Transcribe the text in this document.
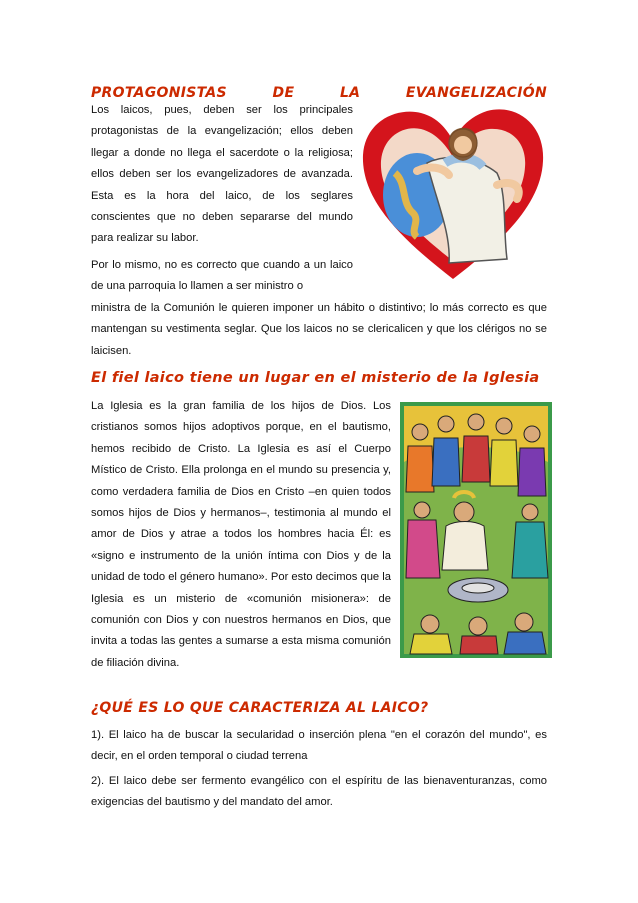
PROTAGONISTAS	DE	LA	EVANGELIZACIÓN

Los laicos, pues, deben ser los principales protagonistas de la evangelización; ellos deben llegar a donde no llega el sacerdote o la religiosa; ellos deben ser los evangelizadores de avanzada. Esta es la hora del laico, de los seglares conscientes que no deben separarse del mundo para realizar su labor.

Por lo mismo, no es correcto que cuando a un laico de una parroquia lo llamen a ser ministro o
ministra de la Comunión le quieren imponer un hábito o distintivo; lo más correcto es que mantengan su vestimenta seglar. Que los laicos no se clericalicen y que los clérigos no se laicisen.

El fiel laico tiene un lugar en el misterio de la Iglesia

La Iglesia es la gran familia de los hijos de Dios. Los cristianos somos hijos adoptivos porque, en el bautismo, hemos recibido de Cristo. La Iglesia es así el Cuerpo Místico de Cristo. Ella prolonga en el mundo su presencia y, como verdadera familia de Dios en Cristo –en quien todos somos hijos de Dios y hermanos–, testimonia al mundo el amor de Dios y atrae a todos los hombres hacia Él: es «signo e instrumento de la unión íntima con Dios y de la unidad de todo el género humano». Por esto decimos que la Iglesia es un misterio de «comunión misionera»: de comunión con Dios y con nuestros hermanos en Dios, que invita a todas las gentes a sumarse a esta misma comunión de filiación divina.

¿QUÉ ES LO QUE CARACTERIZA AL LAICO?

1). El laico ha de buscar la secularidad o inserción plena "en el corazón del mundo", es decir, en el orden temporal o ciudad terrena

2). El laico debe ser fermento evangélico con el espíritu de las bienaventuranzas, como exigencias del bautismo y del mandato del amor.
